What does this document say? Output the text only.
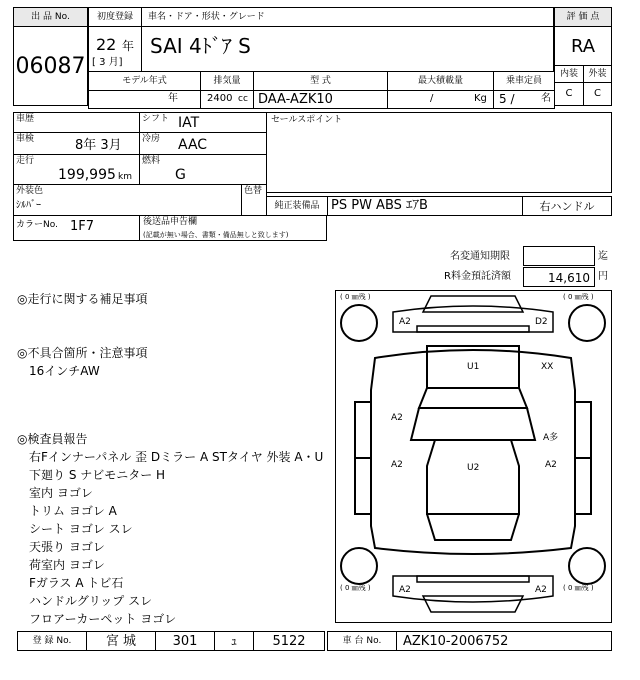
出 品 No.
06087
初度登録
22 年
[ 3 月]
車名・ドア・形状・グレード
SAI 4ﾄﾞｱ S
評 価 点
RA
内装	外装
C	C
モデル年式
年
排気量
2400 cc
型 式
DAA-AZK10
最大積載量
/	Kg
乗車定員
5 /	名
車歴
車検	8年 3月
走行
199,995 km
シフト IAT
冷房 AAC
燃料
G
セールスポイント
外装色
ｼﾙﾊﾞｰ
色替
純正装備品 PS PW ABS ｴｱB	右ハンドル
カラーNo. 1F7	後送品申告欄
(記載が無い場合、書類・備品無しと致します)
名変通知期限	迄
R料金預託済額	14,610 円
◎走行に関する補足事項
◎不具合箇所・注意事項
16インチAW
◎検査員報告
右Fインナーパネル 歪 Dミラー A STタイヤ 外装 A・U
下廻り S ナビモニター H
室内 ヨゴレ
トリム ヨゴレ A
シート ヨゴレ スレ
天張り ヨゴレ
荷室内 ヨゴレ
Fガラス A トビ石
ハンドルグリップ スレ
フロアーカーペット ヨゴレ
( 0 ㎜残 )	( 0 ㎜残 )
( 0 ㎜残 )	( 0 ㎜残 )
A2	D2
U1	XX
A2
A多
A2	U2	A2
A2	A2
登 録 No.	宮 城	301	ｭ	5122	車 台 No.	AZK10-2006752
